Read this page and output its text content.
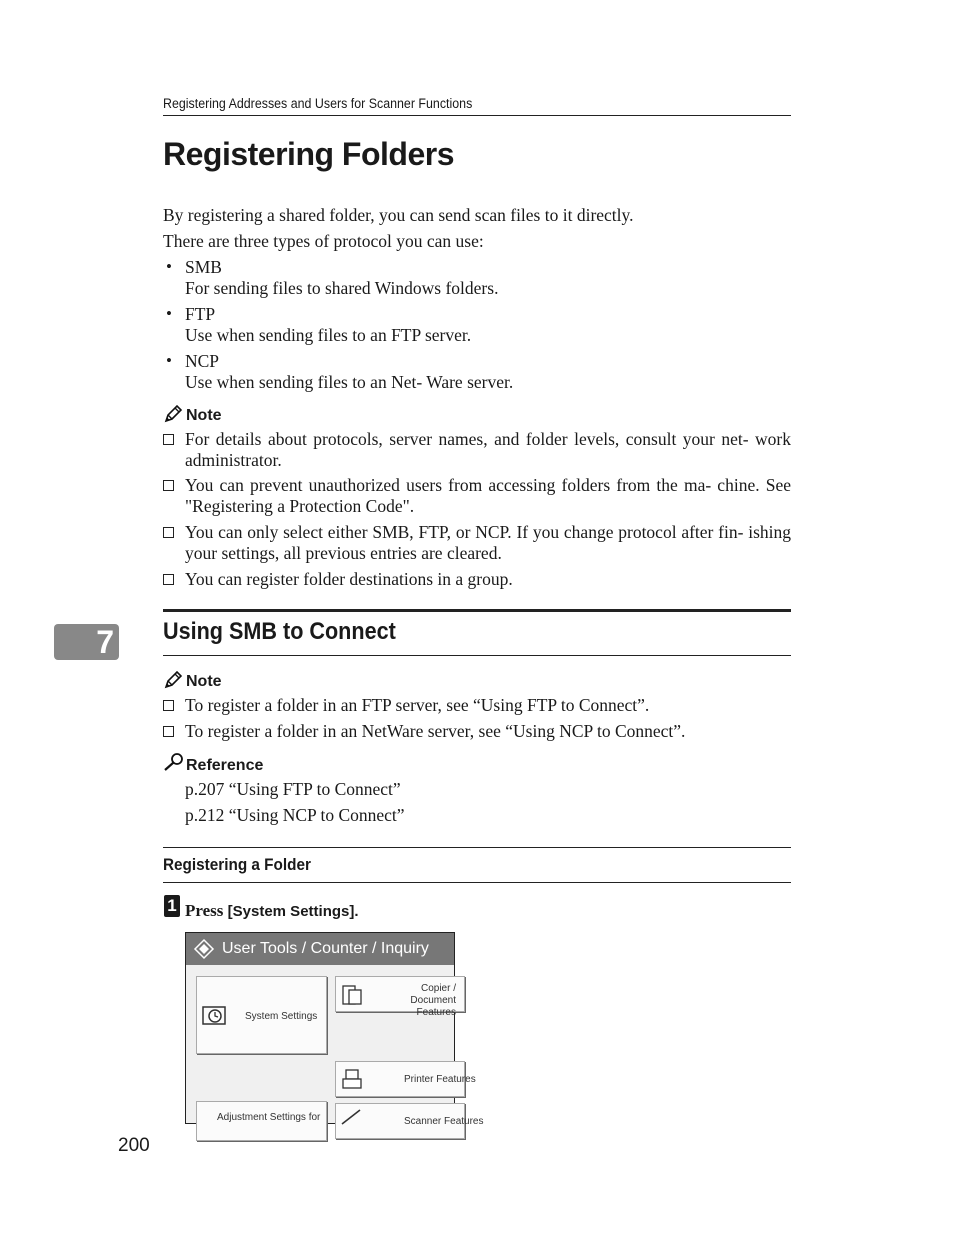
Registering Addresses and Users for Scanner Functions
Registering Folders
By registering a shared folder, you can send scan files to it directly.
There are three types of protocol you can use:
• SMB
For sending files to shared Windows folders.
• FTP
Use when sending files to an FTP server.
• NCP
Use when sending files to an Net- Ware server.
Note
For details about protocols, server names, and folder levels, consult your net- work administrator.
You can prevent unauthorized users from accessing folders from the ma- chine. See "Registering a Protection Code".
You can only select either SMB, FTP, or NCP. If you change protocol after fin- ishing your settings, all previous entries are cleared.
You can register folder destinations in a group.
7 Using SMB to Connect
Note
To register a folder in an FTP server, see “Using FTP to Connect”.
To register a folder in an NetWare server, see “Using NCP to Connect”.
Reference
p.207 “Using FTP to Connect”
p.212 “Using NCP to Connect”
Registering a Folder
1 Press [System Settings].
User Tools / Counter / Inquiry
System Settings
Copier / Document
Features
Printer Features
Adjustment Settings for	Scanner Features
200
